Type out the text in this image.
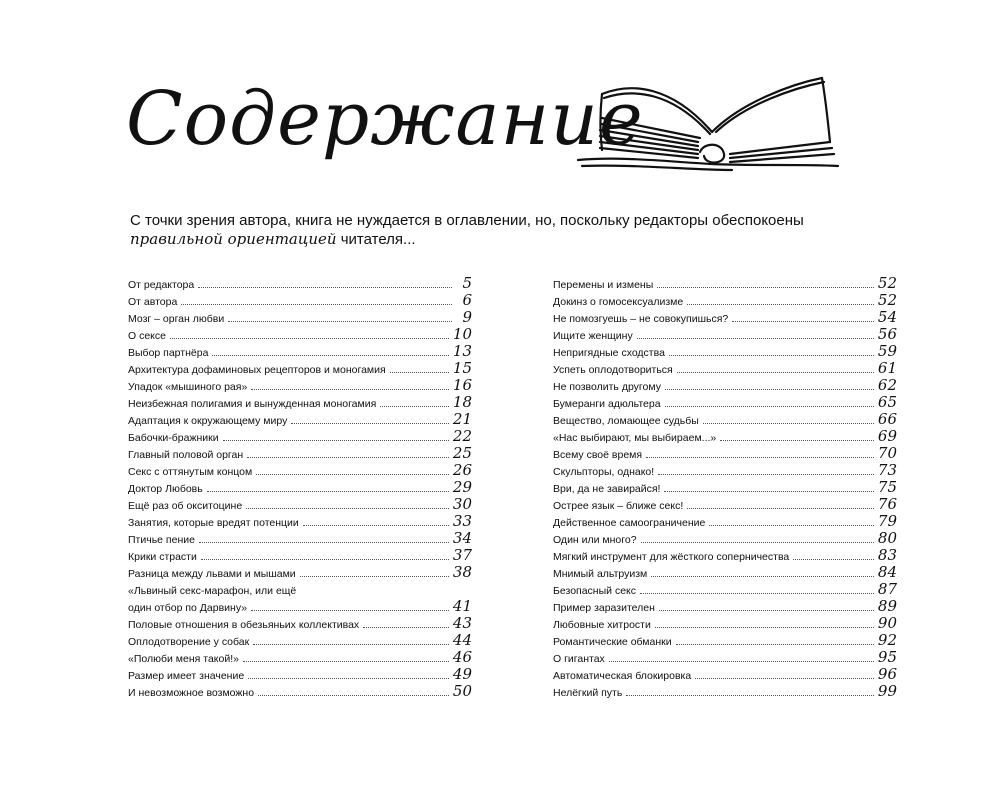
Содержание
С точки зрения автора, книга не нуждается в оглавлении, но, поскольку редакторы обеспокоены
правильной ориентацией читателя...
От редактора	5
От автора	6
Мозг – орган любви	9
О сексе	10
Выбор партнёра	13
Архитектура дофаминовых рецепторов и моногамия	15
Упадок «мышиного рая»	16
Неизбежная полигамия и вынужденная моногамия	18
Адаптация к окружающему миру	21
Бабочки-бражники	22
Главный половой орган	25
Секс с оттянутым концом	26
Доктор Любовь	29
Ещё раз об окситоцине	30
Занятия, которые вредят потенции	33
Птичье пение	34
Крики страсти	37
Разница между львами и мышами	38
«Львиный секс-марафон, или ещё
один отбор по Дарвину»	41
Половые отношения в обезьяньих коллективах	43
Оплодотворение у собак	44
«Полюби меня такой!»	46
Размер имеет значение	49
И невозможное возможно	50
Перемены и измены	52
Докинз о гомосексуализме	52
Не помозгуешь – не совокупишься?	54
Ищите женщину	56
Непригядные сходства	59
Успеть оплодотвориться	61
Не позволить другому	62
Бумеранги адюльтера	65
Вещество, ломающее судьбы	66
«Нас выбирают, мы выбираем...»	69
Всему своё время	70
Скульпторы, однако!	73
Ври, да не завирайся!	75
Острее язык – ближе секс!	76
Действенное самоограничение	79
Один или много?	80
Мягкий инструмент для жёсткого соперничества	83
Мнимый альтруизм	84
Безопасный секс	87
Пример заразителен	89
Любовные хитрости	90
Романтические обманки	92
О гигантах	95
Автоматическая блокировка	96
Нелёгкий путь	99
